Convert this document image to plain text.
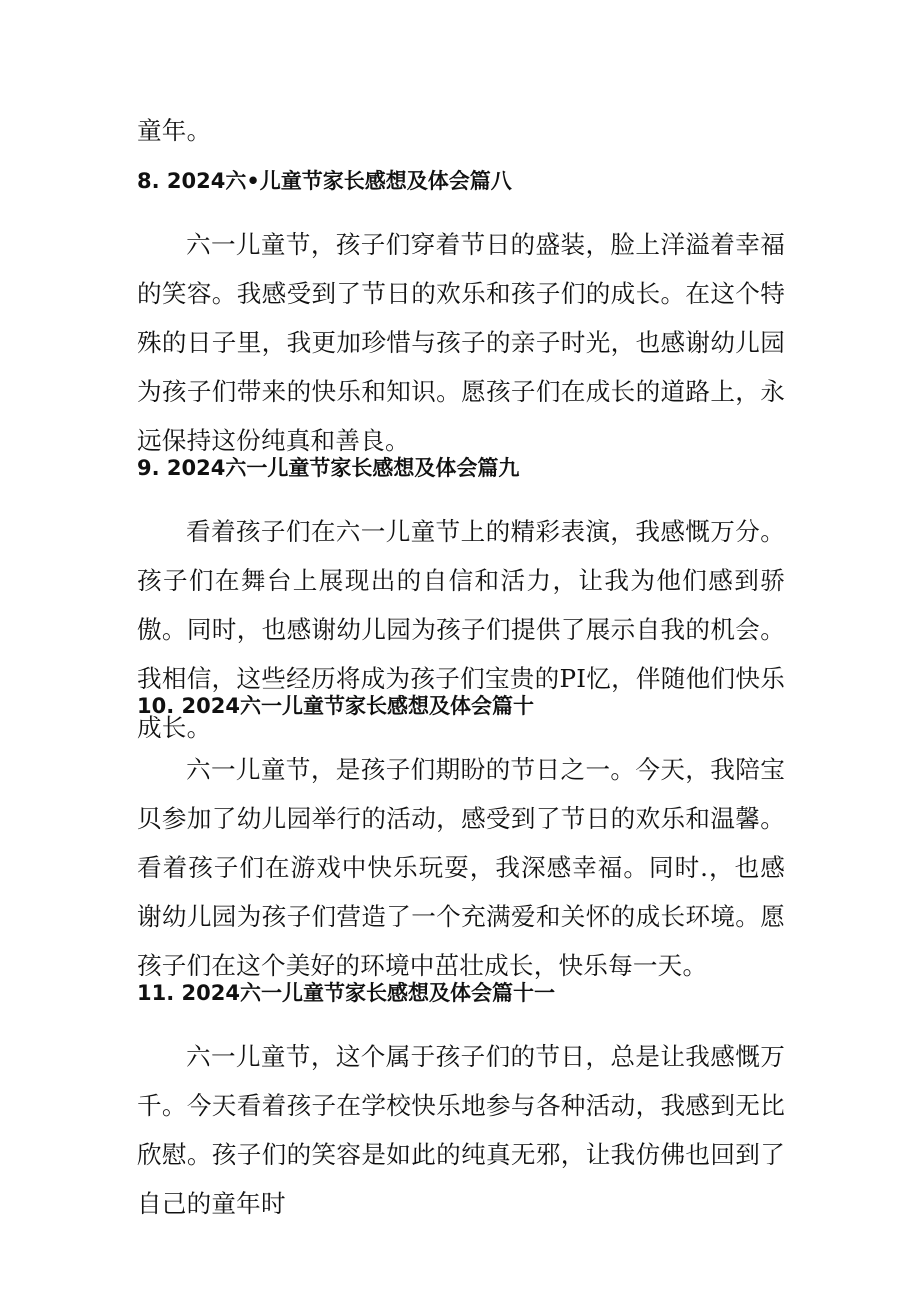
童年。

8. 2024六•儿童节家长感想及体会篇八

六一儿童节，孩子们穿着节日的盛装，脸上洋溢着幸福的笑容。我感受到了节日的欢乐和孩子们的成长。在这个特殊的日子里，我更加珍惜与孩子的亲子时光，也感谢幼儿园为孩子们带来的快乐和知识。愿孩子们在成长的道路上，永远保持这份纯真和善良。

9. 2024六一儿童节家长感想及体会篇九

看着孩子们在六一儿童节上的精彩表演，我感慨万分。孩子们在舞台上展现出的自信和活力，让我为他们感到骄傲。同时，也感谢幼儿园为孩子们提供了展示自我的机会。我相信，这些经历将成为孩子们宝贵的PI忆，伴随他们快乐成长。

10. 2024六一儿童节家长感想及体会篇十

六一儿童节，是孩子们期盼的节日之一。今天，我陪宝贝参加了幼儿园举行的活动，感受到了节日的欢乐和温馨。看着孩子们在游戏中快乐玩耍，我深感幸福。同时.，也感谢幼儿园为孩子们营造了一个充满爱和关怀的成长环境。愿孩子们在这个美好的环境中茁壮成长，快乐每一天。

11. 2024六一儿童节家长感想及体会篇十一

六一儿童节，这个属于孩子们的节日，总是让我感慨万千。今天看着孩子在学校快乐地参与各种活动，我感到无比欣慰。孩子们的笑容是如此的纯真无邪，让我仿佛也回到了自己的童年时
